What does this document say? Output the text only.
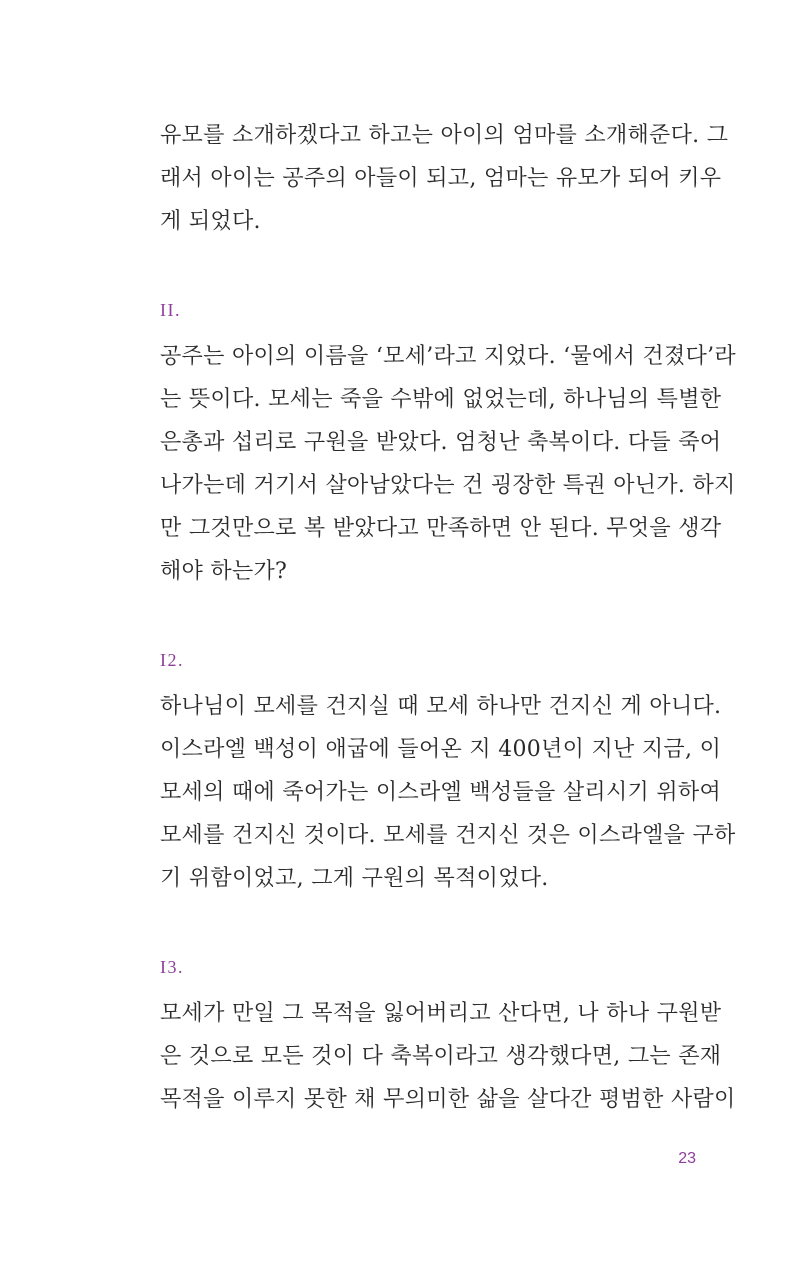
유모를 소개하겠다고 하고는 아이의 엄마를 소개해준다. 그
래서 아이는 공주의 아들이 되고, 엄마는 유모가 되어 키우
게 되었다.
II.
공주는 아이의 이름을 ‘모세’라고 지었다. ‘물에서 건졌다’라
는 뜻이다. 모세는 죽을 수밖에 없었는데, 하나님의 특별한
은총과 섭리로 구원을 받았다. 엄청난 축복이다. 다들 죽어
나가는데 거기서 살아남았다는 건 굉장한 특권 아닌가. 하지
만 그것만으로 복 받았다고 만족하면 안 된다. 무엇을 생각
해야 하는가?
I2.
하나님이 모세를 건지실 때 모세 하나만 건지신 게 아니다.
이스라엘 백성이 애굽에 들어온 지 400년이 지난 지금, 이
모세의 때에 죽어가는 이스라엘 백성들을 살리시기 위하여
모세를 건지신 것이다. 모세를 건지신 것은 이스라엘을 구하
기 위함이었고, 그게 구원의 목적이었다.
I3.
모세가 만일 그 목적을 잃어버리고 산다면, 나 하나 구원받
은 것으로 모든 것이 다 축복이라고 생각했다면, 그는 존재
목적을 이루지 못한 채 무의미한 삶을 살다간 평범한 사람이
23
